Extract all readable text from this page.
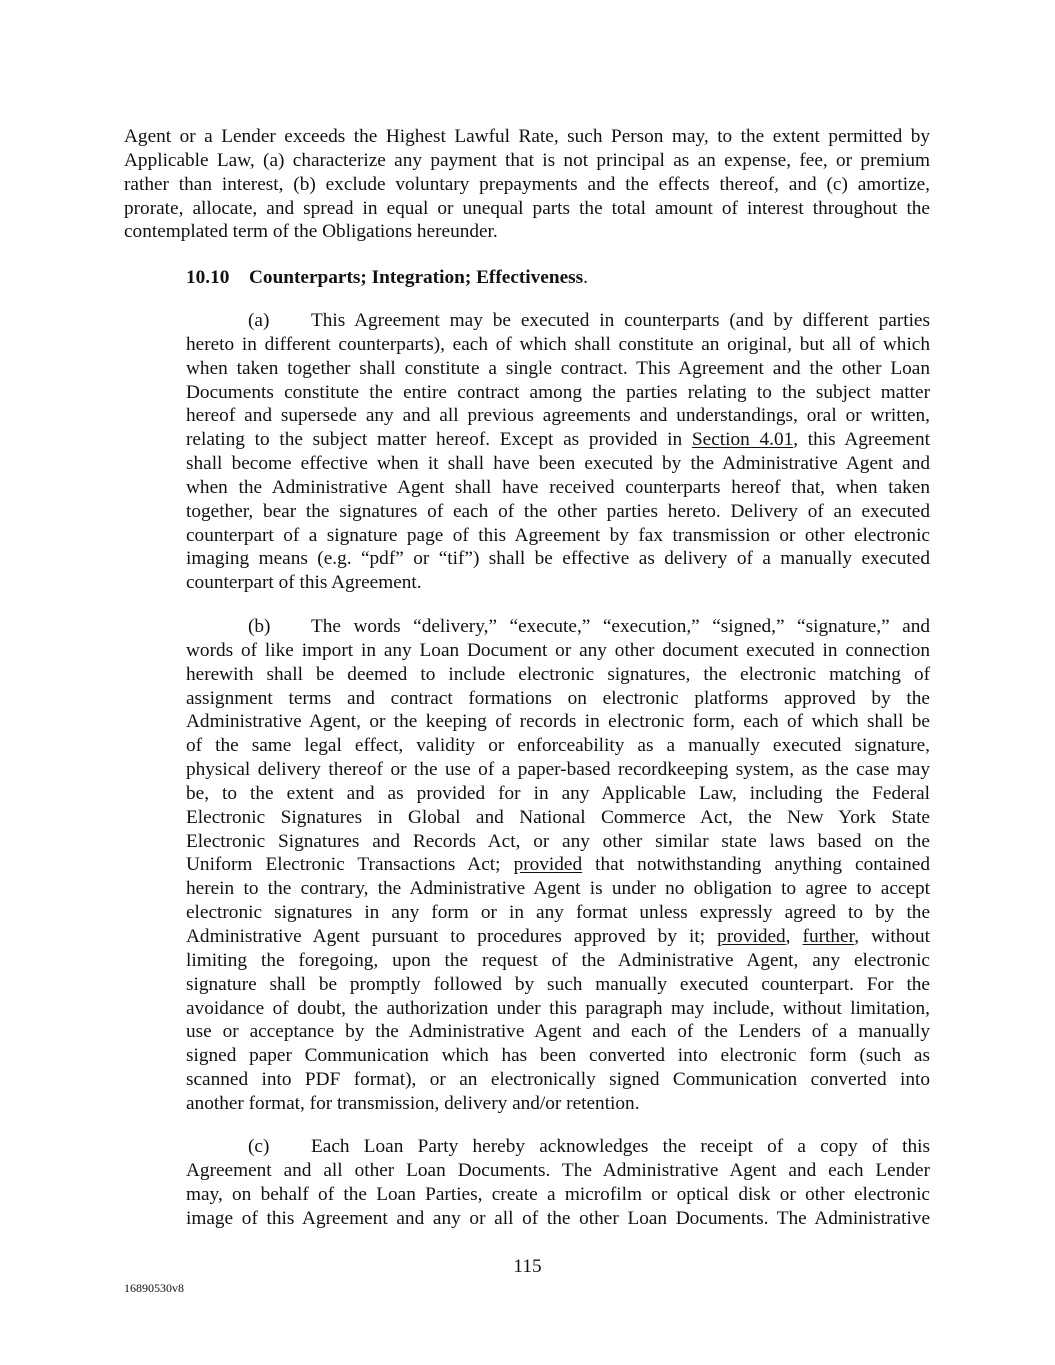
10.10 Counterparts; Integration; Effectiveness.
Agent or a Lender exceeds the Highest Lawful Rate, such Person may, to the extent permitted by
Applicable Law, (a) characterize any payment that is not principal as an expense, fee, or premium
rather than interest, (b) exclude voluntary prepayments and the effects thereof, and (c) amortize,
prorate, allocate, and spread in equal or unequal parts the total amount of interest throughout the
contemplated term of the Obligations hereunder.
(a) This Agreement may be executed in counterparts (and by different parties
hereto in different counterparts), each of which shall constitute an original, but all of which
when taken together shall constitute a single contract. This Agreement and the other Loan
Documents constitute the entire contract among the parties relating to the subject matter
hereof and supersede any and all previous agreements and understandings, oral or written,
relating to the subject matter hereof. Except as provided in Section 4.01, this Agreement
shall become effective when it shall have been executed by the Administrative Agent and
when the Administrative Agent shall have received counterparts hereof that, when taken
together, bear the signatures of each of the other parties hereto. Delivery of an executed
counterpart of a signature page of this Agreement by fax transmission or other electronic
imaging means (e.g. “pdf” or “tif”) shall be effective as delivery of a manually executed
counterpart of this Agreement.
(b) The words “delivery,” “execute,” “execution,” “signed,” “signature,” and
words of like import in any Loan Document or any other document executed in connection
herewith shall be deemed to include electronic signatures, the electronic matching of
assignment terms and contract formations on electronic platforms approved by the
Administrative Agent, or the keeping of records in electronic form, each of which shall be
of the same legal effect, validity or enforceability as a manually executed signature,
physical delivery thereof or the use of a paper-based recordkeeping system, as the case may
be, to the extent and as provided for in any Applicable Law, including the Federal
Electronic Signatures in Global and National Commerce Act, the New York State
Electronic Signatures and Records Act, or any other similar state laws based on the
Uniform Electronic Transactions Act; provided that notwithstanding anything contained
herein to the contrary, the Administrative Agent is under no obligation to agree to accept
electronic signatures in any form or in any format unless expressly agreed to by the
Administrative Agent pursuant to procedures approved by it; provided, further, without
limiting the foregoing, upon the request of the Administrative Agent, any electronic
signature shall be promptly followed by such manually executed counterpart. For the
avoidance of doubt, the authorization under this paragraph may include, without limitation,
use or acceptance by the Administrative Agent and each of the Lenders of a manually
signed paper Communication which has been converted into electronic form (such as
scanned into PDF format), or an electronically signed Communication converted into
another format, for transmission, delivery and/or retention.
(c) Each Loan Party hereby acknowledges the receipt of a copy of this
Agreement and all other Loan Documents. The Administrative Agent and each Lender
may, on behalf of the Loan Parties, create a microfilm or optical disk or other electronic
image of this Agreement and any or all of the other Loan Documents. The Administrative
115
16890530v8
